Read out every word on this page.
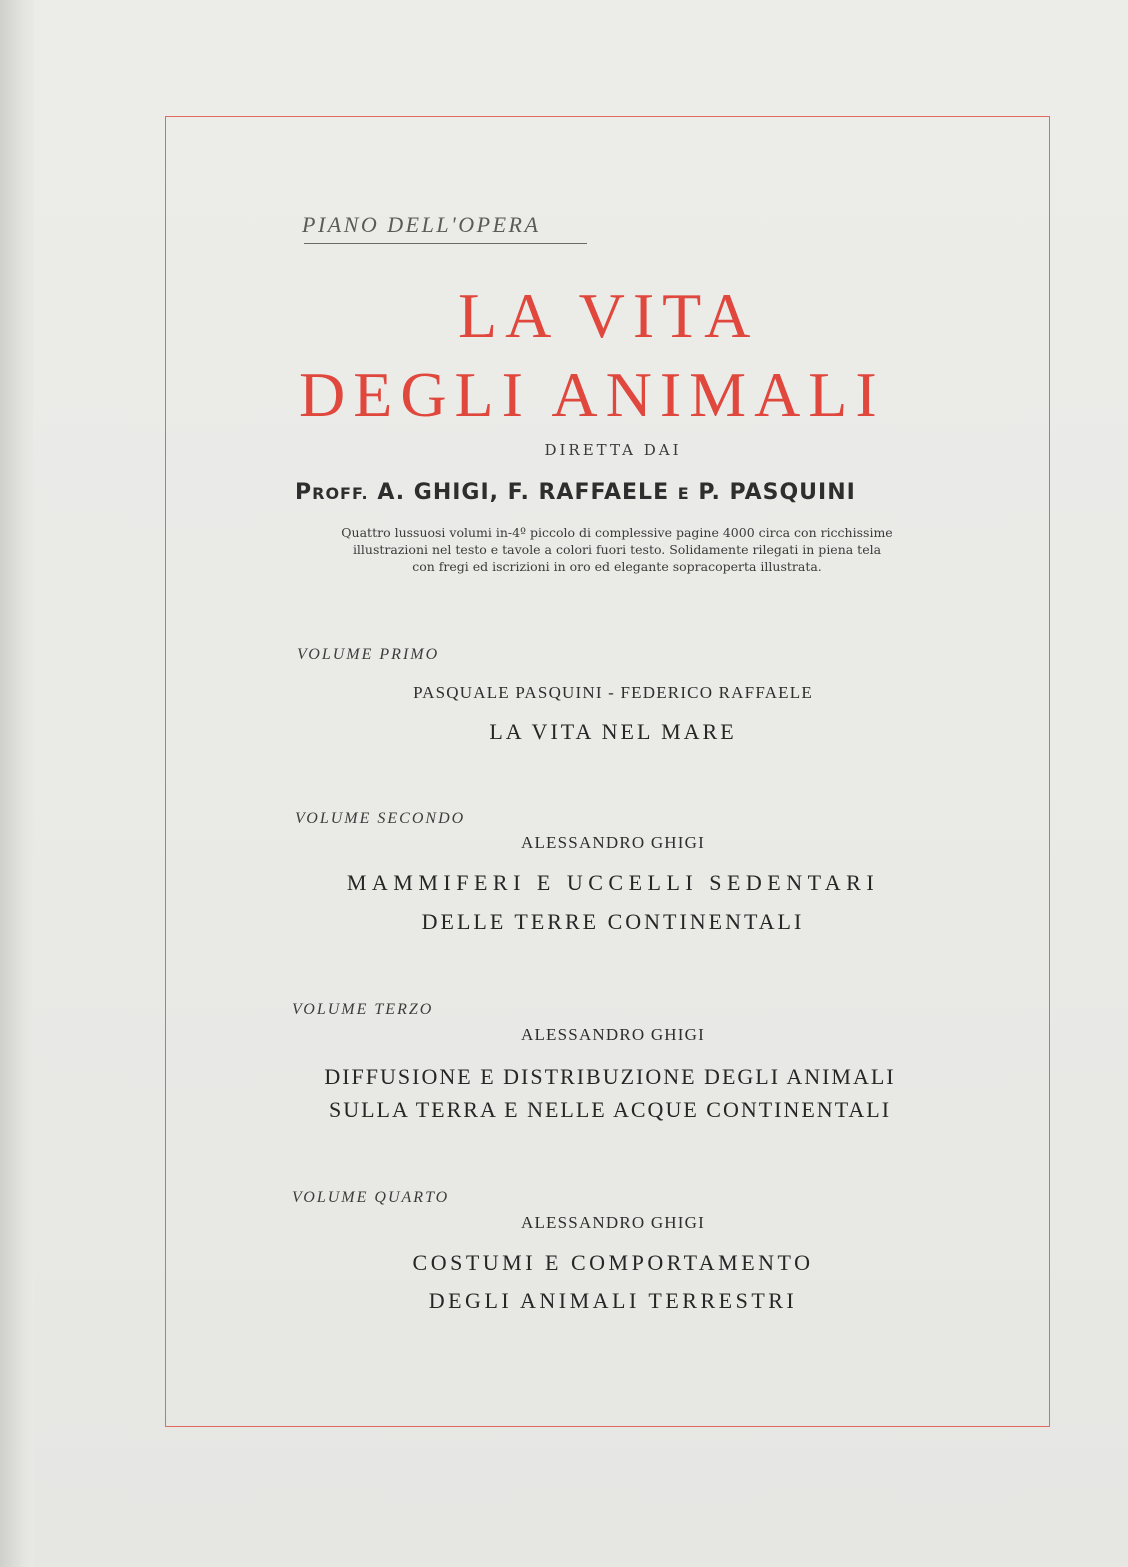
PIANO DELL'OPERA

LA VITA
DEGLI ANIMALI

DIRETTA DAI

PROFF. A. GHIGI, F. RAFFAELE E P. PASQUINI

Quattro lussuosi volumi in-4º piccolo di complessive pagine 4000 circa con ricchissime
illustrazioni nel testo e tavole a colori fuori testo. Solidamente rilegati in piena tela
con fregi ed iscrizioni in oro ed elegante sopracoperta illustrata.

VOLUME PRIMO

PASQUALE PASQUINI - FEDERICO RAFFAELE

LA VITA NEL MARE

VOLUME SECONDO

ALESSANDRO GHIGI

MAMMIFERI E UCCELLI SEDENTARI

DELLE TERRE CONTINENTALI

VOLUME TERZO

ALESSANDRO GHIGI

DIFFUSIONE E DISTRIBUZIONE DEGLI ANIMALI

SULLA TERRA E NELLE ACQUE CONTINENTALI

VOLUME QUARTO

ALESSANDRO GHIGI

COSTUMI E COMPORTAMENTO

DEGLI ANIMALI TERRESTRI
